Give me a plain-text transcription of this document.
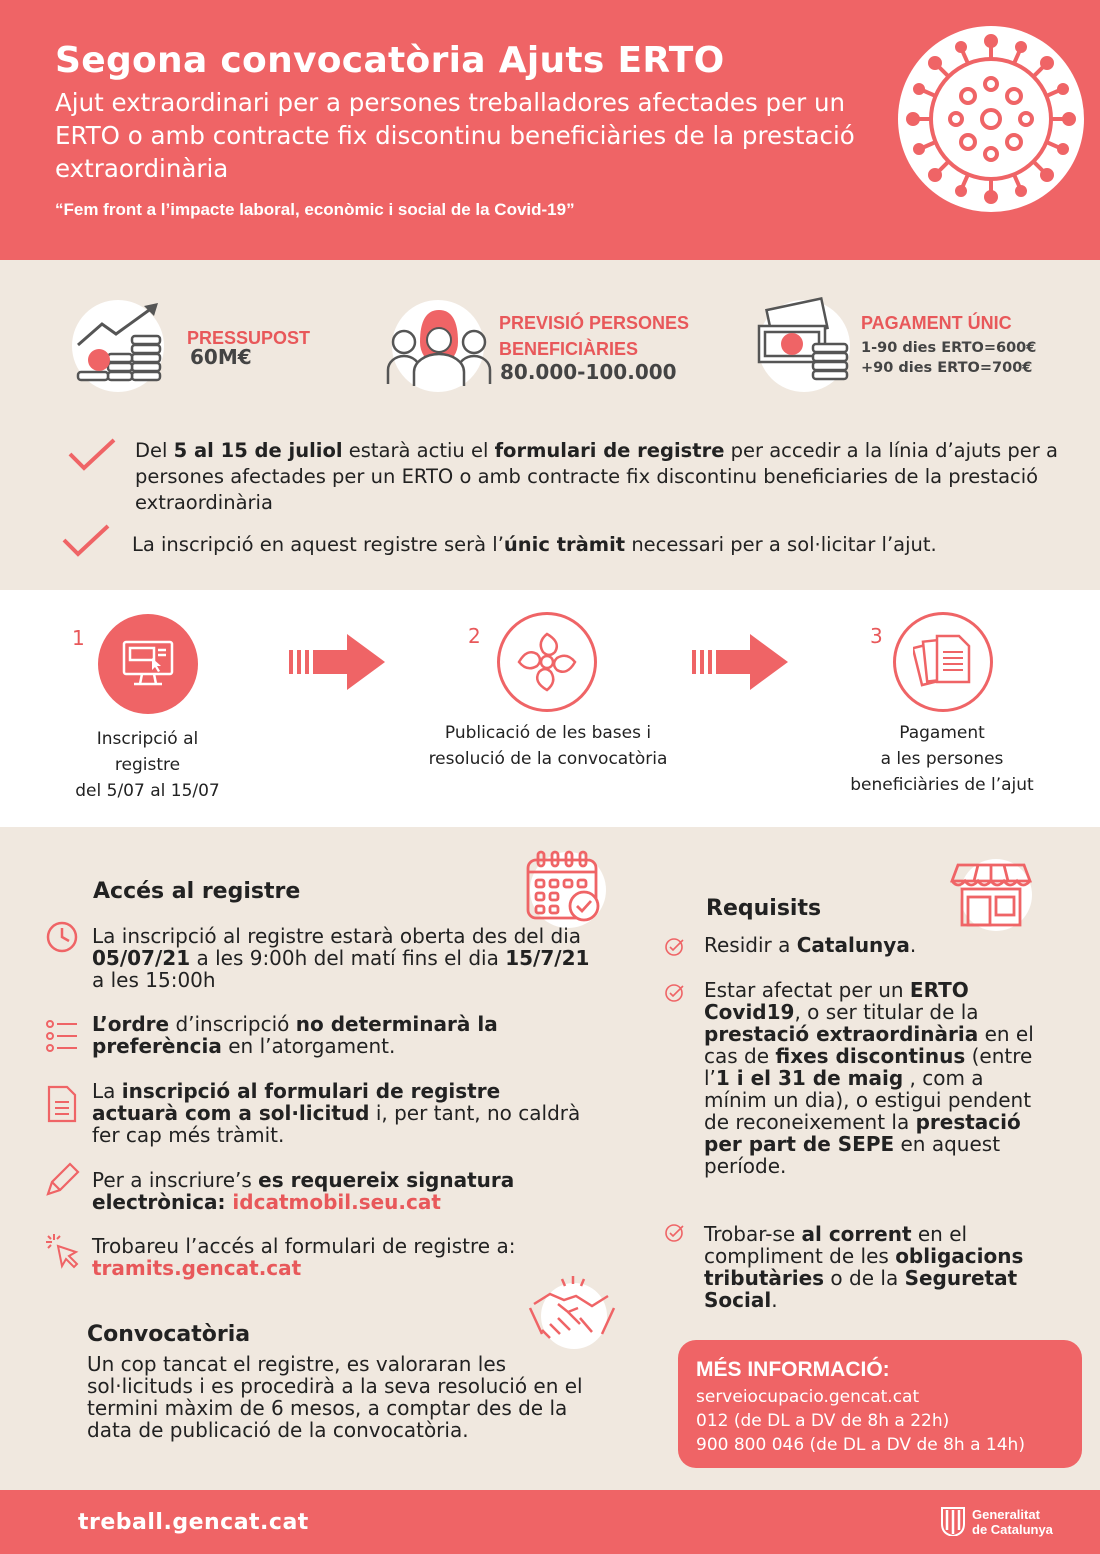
Segona convocatòria Ajuts ERTO
Ajut extraordinari per a persones treballadores afectades per un ERTO o amb contracte fix discontinu beneficiàries de la prestació extraordinària
“Fem front a l’impacte laboral, econòmic i social de la Covid-19”
PRESSUPOST
60M€
PREVISIÓ PERSONES
BENEFICIÀRIES
80.000-100.000
PAGAMENT ÚNIC
1-90 dies ERTO=600€
+90 dies ERTO=700€
Del 5 al 15 de juliol estarà actiu el formulari de registre per accedir a la línia d’ajuts per a persones afectades per un ERTO o amb contracte fix discontinu beneficiaries de la prestació extraordinària
La inscripció en aquest registre serà l’únic tràmit necessari per a sol·licitar l’ajut.
1
Inscripció al
registre
del 5/07 al 15/07
2
Publicació de les bases i
resolució de la convocatòria
3
Pagament
a les persones
beneficiàries de l’ajut
Accés al registre
La inscripció al registre estarà oberta des del dia 05/07/21 a les 9:00h del matí fins el dia 15/7/21 a les 15:00h
L’ordre d’inscripció no determinarà la preferència en l’atorgament.
La inscripció al formulari de registre actuarà com a sol·licitud i, per tant, no caldrà fer cap més tràmit.
Per a inscriure’s es requereix signatura electrònica: idcatmobil.seu.cat
Trobareu l’accés al formulari de registre a: tramits.gencat.cat
Convocatòria
Un cop tancat el registre, es valoraran les sol·licituds i es procedirà a la seva resolució en el termini màxim de 6 mesos, a comptar des de la data de publicació de la convocatòria.
Requisits
Residir a Catalunya.
Estar afectat per un ERTO Covid19, o ser titular de la prestació extraordinària en el cas de fixes discontinus (entre l’1 i el 31 de maig , com a mínim un dia), o estigui pendent de reconeixement la prestació per part de SEPE en aquest període.
Trobar-se al corrent en el compliment de les obligacions tributàries o de la Seguretat Social.
MÉS INFORMACIÓ:
serveiocupacio.gencat.cat
012 (de DL a DV de 8h a 22h)
900 800 046 (de DL a DV de 8h a 14h)
treball.gencat.cat	Generalitat
de Catalunya
